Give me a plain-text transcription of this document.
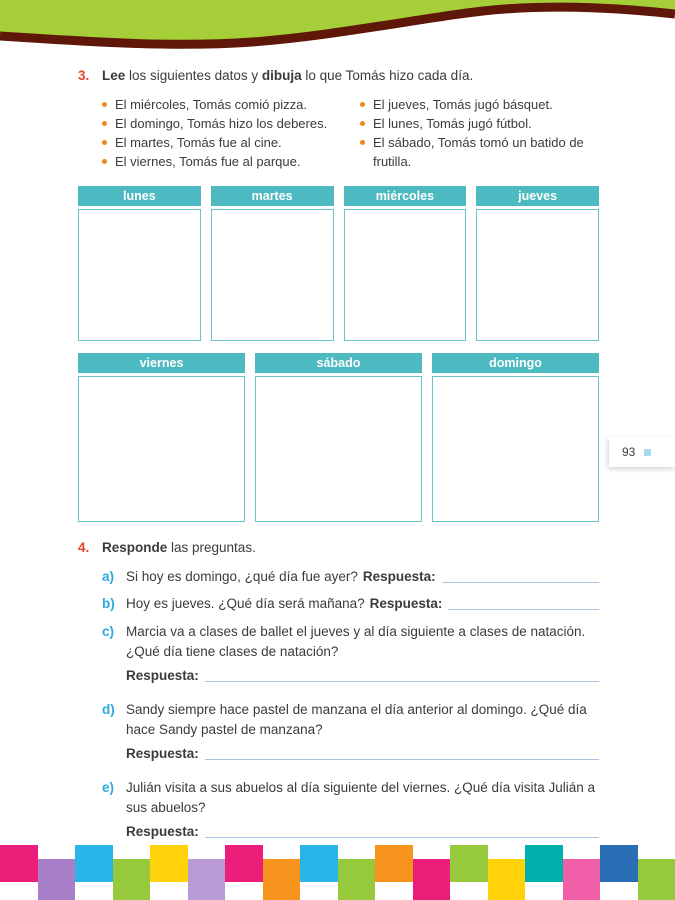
3. Lee los siguientes datos y dibuja lo que Tomás hizo cada día.

El miércoles, Tomás comió pizza.
El domingo, Tomás hizo los deberes.
El martes, Tomás fue al cine.
El viernes, Tomás fue al parque.
El jueves, Tomás jugó básquet.
El lunes, Tomás jugó fútbol.
El sábado, Tomás tomó un batido de frutilla.
lunes	martes	miércoles	jueves
viernes	sábado	domingo
4. Responde las preguntas.

a) Si hoy es domingo, ¿qué día fue ayer? Respuesta:
b) Hoy es jueves. ¿Qué día será mañana? Respuesta:
c) Marcia va a clases de ballet el jueves y al día siguiente a clases de natación. ¿Qué día tiene clases de natación?

Respuesta:
d) Sandy siempre hace pastel de manzana el día anterior al domingo. ¿Qué día hace Sandy pastel de manzana?

Respuesta:
e) Julián visita a sus abuelos al día siguiente del viernes. ¿Qué día visita Julián a sus abuelos?

Respuesta:
93
